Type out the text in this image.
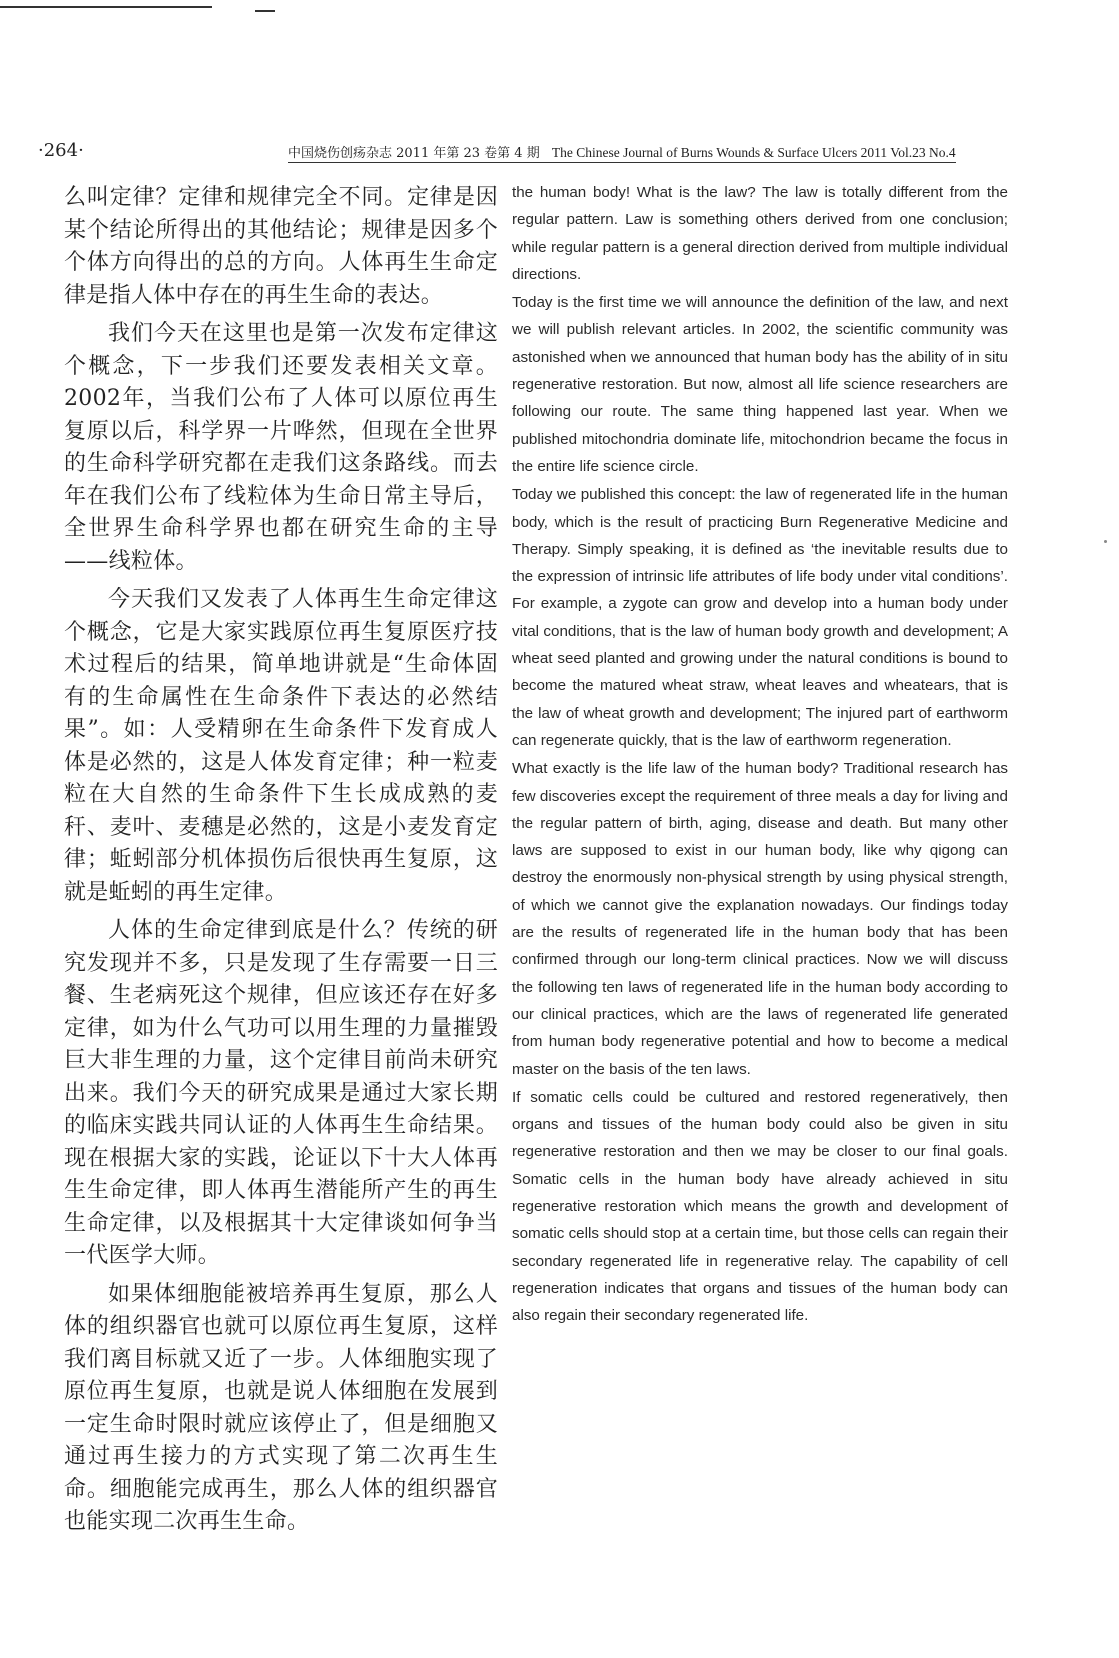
·264·	中国烧伤创疡杂志 2011 年第 23 卷第 4 期 The Chinese Journal of Burns Wounds & Surface Ulcers 2011 Vol.23 No.4

么叫定律？定律和规律完全不同。定律是因某个结论所得出的其他结论；规律是因多个个体方向得出的总的方向。人体再生生命定律是指人体中存在的再生生命的表达。

我们今天在这里也是第一次发布定律这个概念，下一步我们还要发表相关文章。2002年，当我们公布了人体可以原位再生复原以后，科学界一片哗然，但现在全世界的生命科学研究都在走我们这条路线。而去年在我们公布了线粒体为生命日常主导后，全世界生命科学界也都在研究生命的主导——线粒体。

今天我们又发表了人体再生生命定律这个概念，它是大家实践原位再生复原医疗技术过程后的结果，简单地讲就是“生命体固有的生命属性在生命条件下表达的必然结果”。如：人受精卵在生命条件下发育成人体是必然的，这是人体发育定律；种一粒麦粒在大自然的生命条件下生长成成熟的麦秆、麦叶、麦穗是必然的，这是小麦发育定律；蚯蚓部分机体损伤后很快再生复原，这就是蚯蚓的再生定律。

人体的生命定律到底是什么？传统的研究发现并不多，只是发现了生存需要一日三餐、生老病死这个规律，但应该还存在好多定律，如为什么气功可以用生理的力量摧毁巨大非生理的力量，这个定律目前尚未研究出来。我们今天的研究成果是通过大家长期的临床实践共同认证的人体再生生命结果。现在根据大家的实践，论证以下十大人体再生生命定律，即人体再生潜能所产生的再生生命定律，以及根据其十大定律谈如何争当一代医学大师。

如果体细胞能被培养再生复原，那么人体的组织器官也就可以原位再生复原，这样我们离目标就又近了一步。人体细胞实现了原位再生复原，也就是说人体细胞在发展到一定生命时限时就应该停止了，但是细胞又通过再生接力的方式实现了第二次再生生命。细胞能完成再生，那么人体的组织器官也能实现二次再生生命。

the human body! What is the law? The law is totally different from the regular pattern. Law is something others derived from one conclusion; while regular pattern is a general direction derived from multiple individual directions.

Today is the first time we will announce the definition of the law, and next we will publish relevant articles. In 2002, the scientific community was astonished when we announced that human body has the ability of in situ regenerative restoration. But now, almost all life science researchers are following our route. The same thing happened last year. When we published mitochondria dominate life, mitochondrion became the focus in the entire life science circle.

Today we published this concept: the law of regenerated life in the human body, which is the result of practicing Burn Regenerative Medicine and Therapy. Simply speaking, it is defined as ‘the inevitable results due to the expression of intrinsic life attributes of life body under vital conditions’. For example, a zygote can grow and develop into a human body under vital conditions, that is the law of human body growth and development; A wheat seed planted and growing under the natural conditions is bound to become the matured wheat straw, wheat leaves and wheatears, that is the law of wheat growth and development; The injured part of earthworm can regenerate quickly, that is the law of earthworm regeneration.

What exactly is the life law of the human body? Traditional research has few discoveries except the requirement of three meals a day for living and the regular pattern of birth, aging, disease and death. But many other laws are supposed to exist in our human body, like why qigong can destroy the enormously non-physical strength by using physical strength, of which we cannot give the explanation nowadays. Our findings today are the results of regenerated life in the human body that has been confirmed through our long-term clinical practices. Now we will discuss the following ten laws of regenerated life in the human body according to our clinical practices, which are the laws of regenerated life generated from human body regenerative potential and how to become a medical master on the basis of the ten laws.

If somatic cells could be cultured and restored regeneratively, then organs and tissues of the human body could also be given in situ regenerative restoration and then we may be closer to our final goals. Somatic cells in the human body have already achieved in situ regenerative restoration which means the growth and development of somatic cells should stop at a certain time, but those cells can regain their secondary regenerated life in regenerative relay. The capability of cell regeneration indicates that organs and tissues of the human body can also regain their secondary regenerated life.
